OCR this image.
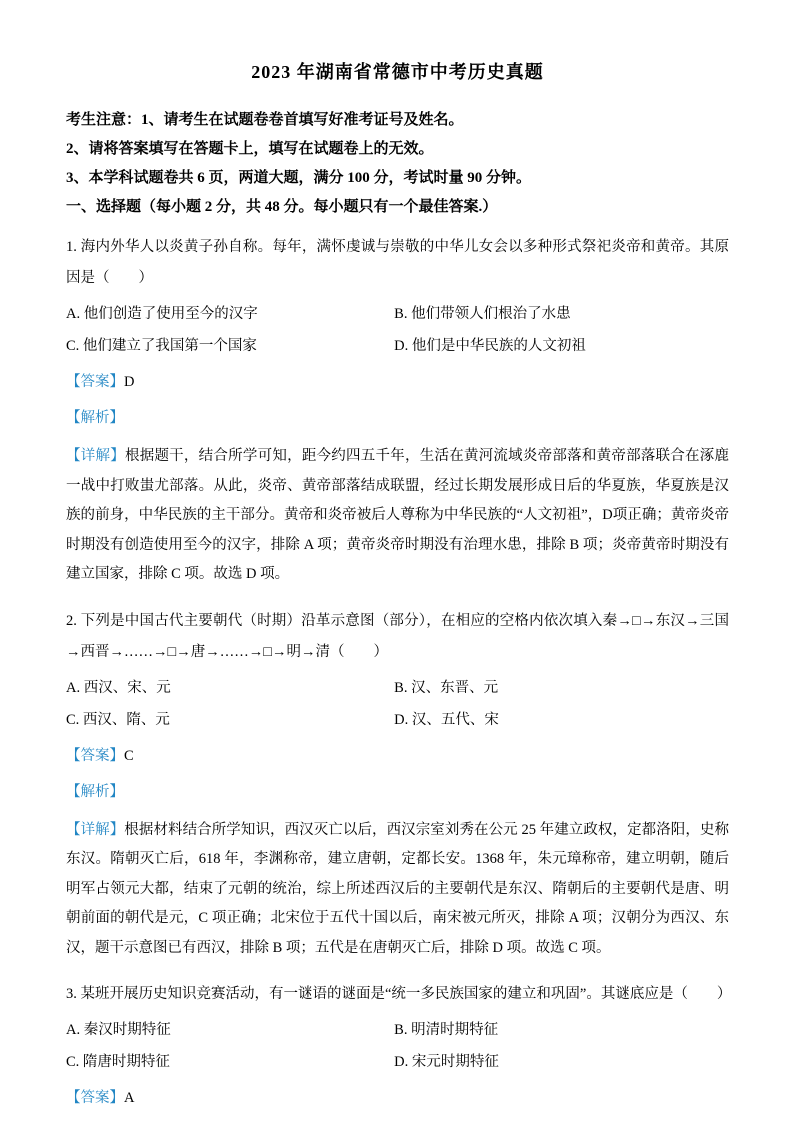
2023 年湖南省常德市中考历史真题

考生注意：1、请考生在试题卷卷首填写好准考证号及姓名。

2、请将答案填写在答题卡上，填写在试题卷上的无效。

3、本学科试题卷共 6 页，两道大题，满分 100 分，考试时量 90 分钟。

一、选择题（每小题 2 分，共 48 分。每小题只有一个最佳答案.）

1. 海内外华人以炎黄子孙自称。每年，满怀虔诚与崇敬的中华儿女会以多种形式祭祀炎帝和黄帝。其原因是（　　）

A. 他们创造了使用至今的汉字	B. 他们带领人们根治了水患
C. 他们建立了我国第一个国家	D. 他们是中华民族的人文初祖

【答案】D

【解析】

【详解】根据题干，结合所学可知，距今约四五千年，生活在黄河流域炎帝部落和黄帝部落联合在涿鹿一战中打败蚩尤部落。从此，炎帝、黄帝部落结成联盟，经过长期发展形成日后的华夏族，华夏族是汉族的前身，中华民族的主干部分。黄帝和炎帝被后人尊称为中华民族的“人文初祖”，D项正确；黄帝炎帝时期没有创造使用至今的汉字，排除 A 项；黄帝炎帝时期没有治理水患，排除 B 项；炎帝黄帝时期没有建立国家，排除 C 项。故选 D 项。

2. 下列是中国古代主要朝代（时期）沿革示意图（部分），在相应的空格内依次填入秦→□→东汉→三国→西晋→……→□→唐→……→□→明→清（　　）

A. 西汉、宋、元	B. 汉、东晋、元
C. 西汉、隋、元	D. 汉、五代、宋

【答案】C

【解析】

【详解】根据材料结合所学知识，西汉灭亡以后，西汉宗室刘秀在公元 25 年建立政权，定都洛阳，史称东汉。隋朝灭亡后，618 年，李渊称帝，建立唐朝，定都长安。1368 年，朱元璋称帝，建立明朝，随后明军占领元大都，结束了元朝的统治，综上所述西汉后的主要朝代是东汉、隋朝后的主要朝代是唐、明朝前面的朝代是元，C 项正确；北宋位于五代十国以后，南宋被元所灭，排除 A 项；汉朝分为西汉、东汉，题干示意图已有西汉，排除 B 项；五代是在唐朝灭亡后，排除 D 项。故选 C 项。

3. 某班开展历史知识竞赛活动，有一谜语的谜面是“统一多民族国家的建立和巩固”。其谜底应是（　　）

A. 秦汉时期特征	B. 明清时期特征
C. 隋唐时期特征	D. 宋元时期特征

【答案】A
